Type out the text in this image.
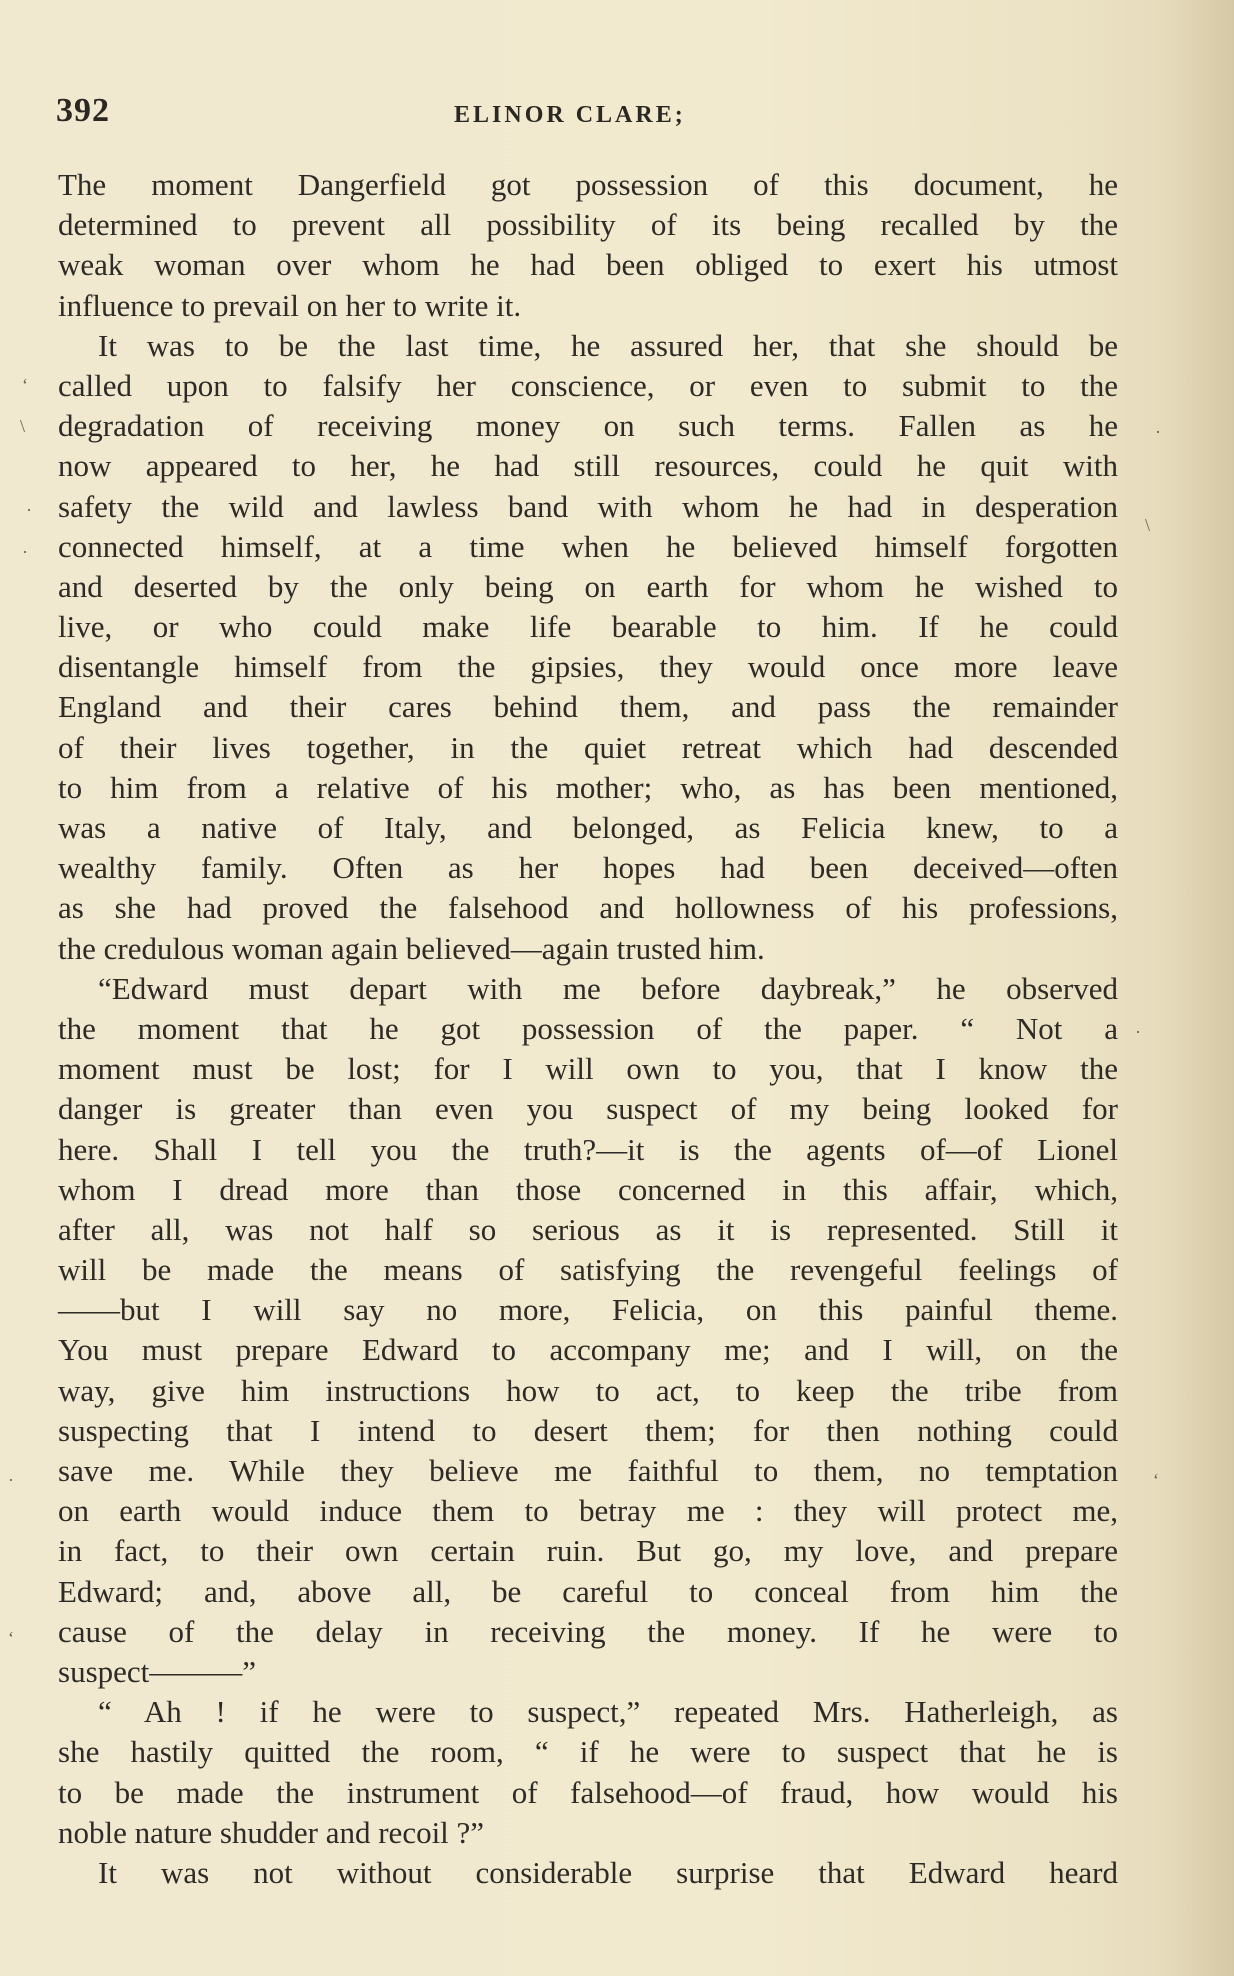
392	ELINOR CLARE;
The moment Dangerfield got possession of this document, he
determined to prevent all possibility of its being recalled by the
weak woman over whom he had been obliged to exert his utmost
influence to prevail on her to write it.
It was to be the last time, he assured her, that she should be
called upon to falsify her conscience, or even to submit to the
degradation of receiving money on such terms. Fallen as he
now appeared to her, he had still resources, could he quit with
safety the wild and lawless band with whom he had in desperation
connected himself, at a time when he believed himself forgotten
and deserted by the only being on earth for whom he wished to
live, or who could make life bearable to him. If he could
disentangle himself from the gipsies, they would once more leave
England and their cares behind them, and pass the remainder
of their lives together, in the quiet retreat which had descended
to him from a relative of his mother; who, as has been mentioned,
was a native of Italy, and belonged, as Felicia knew, to a
wealthy family. Often as her hopes had been deceived—often
as she had proved the falsehood and hollowness of his professions,
the credulous woman again believed—again trusted him.
“Edward must depart with me before daybreak,” he observed
the moment that he got possession of the paper. “ Not a
moment must be lost; for I will own to you, that I know the
danger is greater than even you suspect of my being looked for
here. Shall I tell you the truth?—it is the agents of—of Lionel
whom I dread more than those concerned in this affair, which,
after all, was not half so serious as it is represented. Still it
will be made the means of satisfying the revengeful feelings of
——but I will say no more, Felicia, on this painful theme.
You must prepare Edward to accompany me; and I will, on the
way, give him instructions how to act, to keep the tribe from
suspecting that I intend to desert them; for then nothing could
save me. While they believe me faithful to them, no temptation
on earth would induce them to betray me : they will protect me,
in fact, to their own certain ruin. But go, my love, and prepare
Edward; and, above all, be careful to conceal from him the
cause of the delay in receiving the money. If he were to
suspect———”
“ Ah ! if he were to suspect,” repeated Mrs. Hatherleigh, as
she hastily quitted the room, “ if he were to suspect that he is
to be made the instrument of falsehood—of fraud, how would his
noble nature shudder and recoil ?”
It was not without considerable surprise that Edward heard
‘
\
·
·
·
·
‘
‘
·
\
